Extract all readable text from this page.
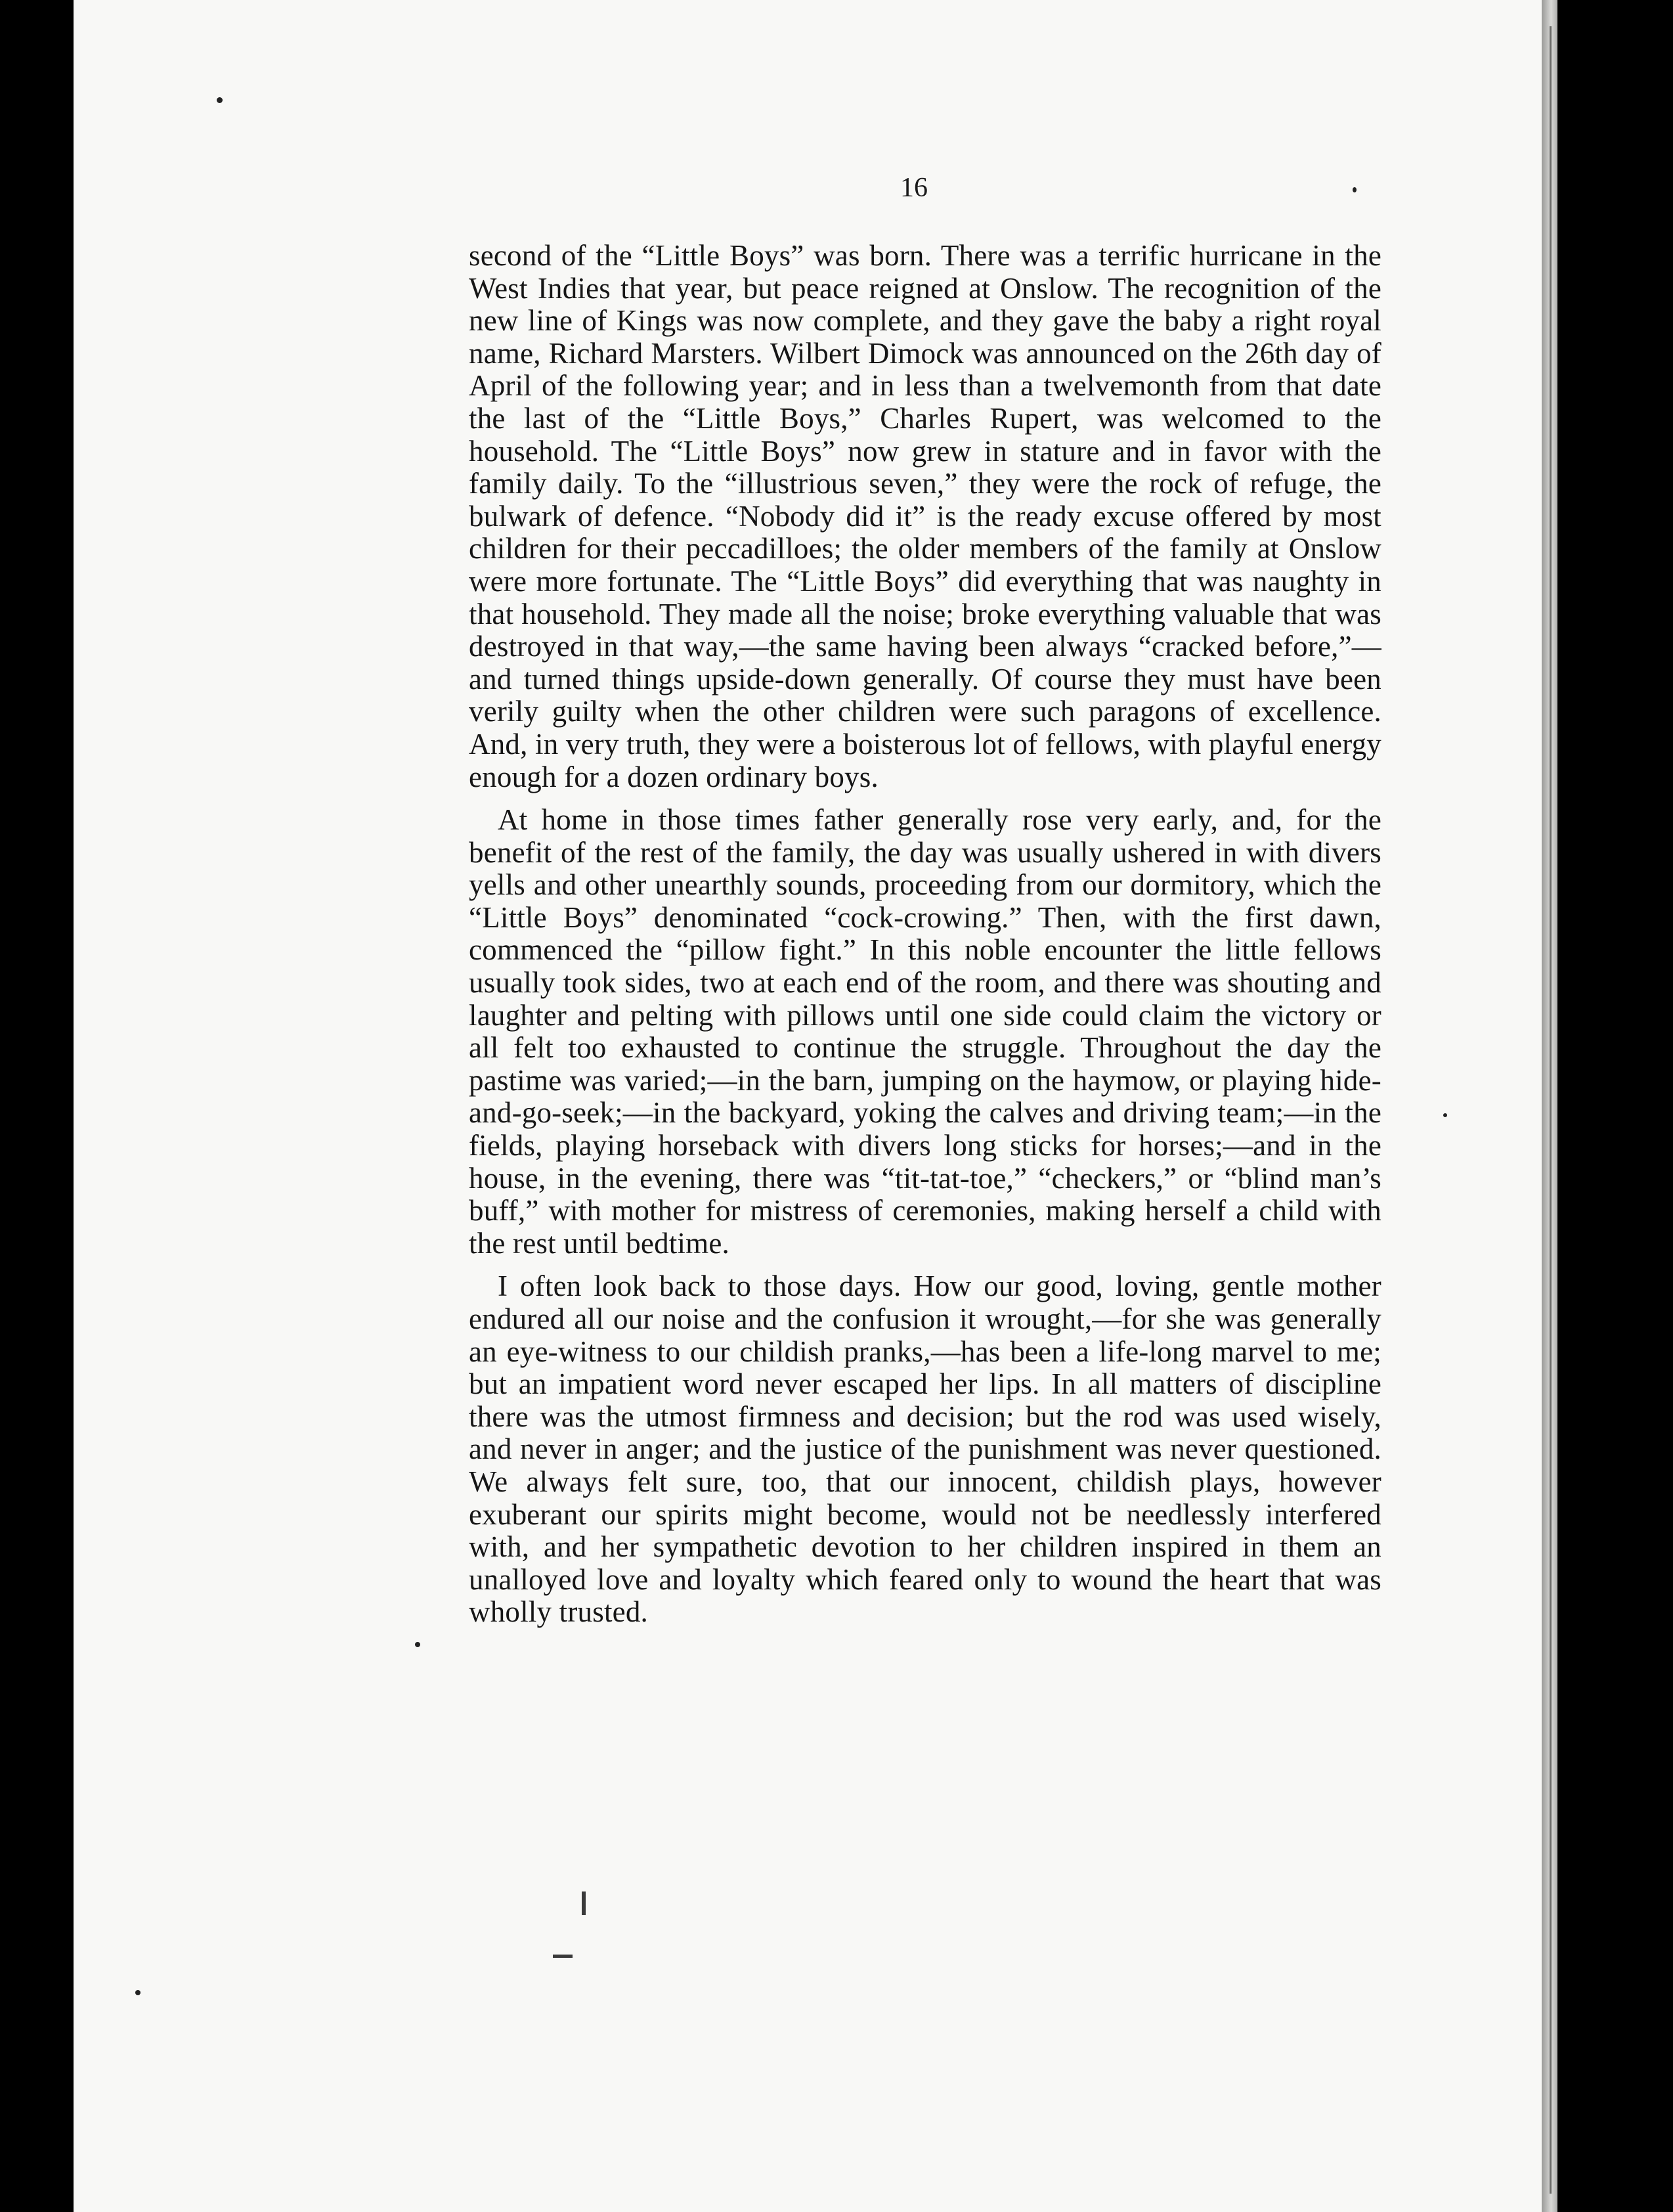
16

second of the “Little Boys” was born. There was a terrific hurricane in the West Indies that year, but peace reigned at Onslow. The recognition of the new line of Kings was now complete, and they gave the baby a right royal name, Richard Marsters. Wilbert Dimock was announced on the 26th day of April of the following year; and in less than a twelvemonth from that date the last of the “Little Boys,” Charles Rupert, was welcomed to the household. The “Little Boys” now grew in stature and in favor with the family daily. To the “illustrious seven,” they were the rock of refuge, the bulwark of defence. “Nobody did it” is the ready excuse offered by most children for their peccadilloes; the older members of the family at Onslow were more fortunate. The “Little Boys” did everything that was naughty in that household. They made all the noise; broke everything valuable that was destroyed in that way,—the same having been always “cracked before,”—and turned things upside-down generally. Of course they must have been verily guilty when the other children were such paragons of excellence. And, in very truth, they were a boisterous lot of fellows, with playful energy enough for a dozen ordinary boys.

At home in those times father generally rose very early, and, for the benefit of the rest of the family, the day was usually ushered in with divers yells and other unearthly sounds, proceeding from our dormitory, which the “Little Boys” denominated “cock-crowing.” Then, with the first dawn, commenced the “pillow fight.” In this noble encounter the little fellows usually took sides, two at each end of the room, and there was shouting and laughter and pelting with pillows until one side could claim the victory or all felt too exhausted to continue the struggle. Throughout the day the pastime was varied;—in the barn, jumping on the haymow, or playing hide-and-go-seek;—in the backyard, yoking the calves and driving team;—in the fields, playing horseback with divers long sticks for horses;—and in the house, in the evening, there was “tit-tat-toe,” “checkers,” or “blind man’s buff,” with mother for mistress of ceremonies, making herself a child with the rest until bedtime.

I often look back to those days. How our good, loving, gentle mother endured all our noise and the confusion it wrought,—for she was generally an eye-witness to our childish pranks,—has been a life-long marvel to me; but an impatient word never escaped her lips. In all matters of discipline there was the utmost firmness and decision; but the rod was used wisely, and never in anger; and the justice of the punishment was never questioned. We always felt sure, too, that our innocent, childish plays, however exuberant our spirits might become, would not be needlessly interfered with, and her sympathetic devotion to her children inspired in them an unalloyed love and loyalty which feared only to wound the heart that was wholly trusted.
